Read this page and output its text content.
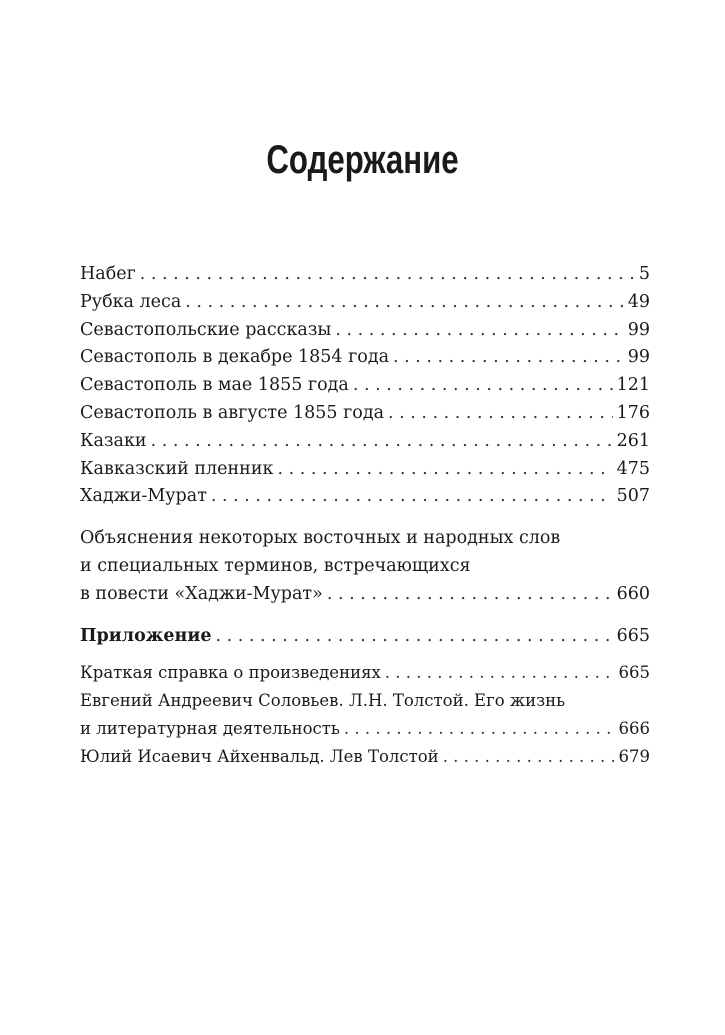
Содержание
Набег . . .	5
Рубка леса . . .	49
Севастопольские рассказы . . .	99
Севастополь в декабре 1854 года . . .	99
Севастополь в мае 1855 года . . .	121
Севастополь в августе 1855 года . . .	176
Казаки . . .	261
Кавказский пленник . . .	475
Хаджи-Мурат . . .	507
Объяснения некоторых восточных и народных слов
и специальных терминов, встречающихся
в повести «Хаджи-Мурат» . . .	660
Приложение . . .	665
Краткая справка о произведениях . . .	665
Евгений Андреевич Соловьев. Л.Н. Толстой. Его жизнь
и литературная деятельность . . .	666
Юлий Исаевич Айхенвальд. Лев Толстой . . .	679
